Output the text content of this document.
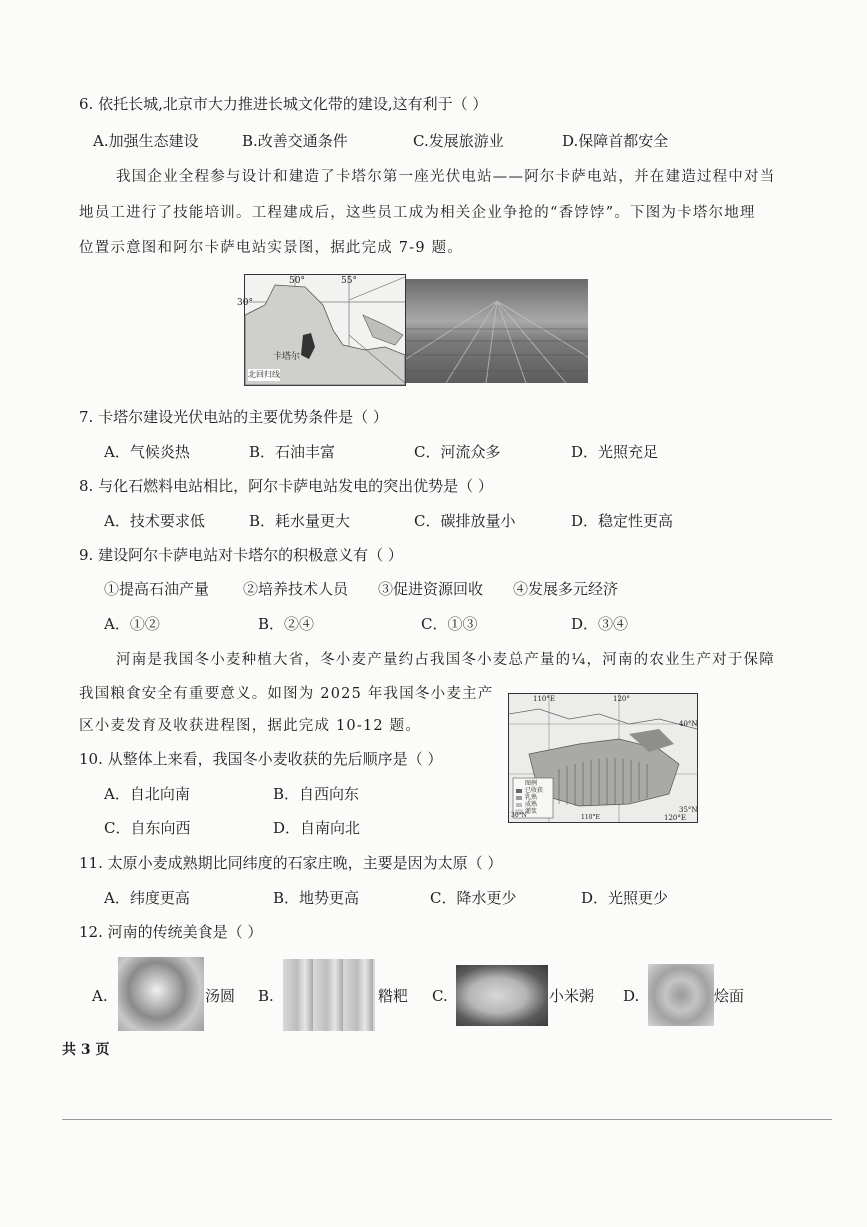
6. 依托长城,北京市大力推进长城文化带的建设,这有利于（ ）
A.加强生态建设	B.改善交通条件	C.发展旅游业	D.保障首都安全
我国企业全程参与设计和建造了卡塔尔第一座光伏电站——阿尔卡萨电站，并在建造过程中对当
地员工进行了技能培训。工程建成后，这些员工成为相关企业争抢的“香饽饽”。下图为卡塔尔地理
位置示意图和阿尔卡萨电站实景图，据此完成 7-9 题。
50°	55°
30°
卡塔尔
北回归线
7. 卡塔尔建设光伏电站的主要优势条件是（ ）
A．气候炎热	B．石油丰富	C．河流众多	D．光照充足
8. 与化石燃料电站相比，阿尔卡萨电站发电的突出优势是（ ）
A．技术要求低	B．耗水量更大	C．碳排放量小	D．稳定性更高
9. 建设阿尔卡萨电站对卡塔尔的积极意义有（ ）
①提高石油产量 ②培养技术人员 ③促进资源回收 ④发展多元经济
A．①②	B．②④	C．①③	D．③④
河南是我国冬小麦种植大省，冬小麦产量约占我国冬小麦总产量的¼，河南的农业生产对于保障
我国粮食安全有重要意义。如图为 2025 年我国冬小麦主产
区小麦发育及收获进程图，据此完成 10-12 题。
110°E	120°
40°N
35°N
30°N	110°E	120°E
图例
已收获
乳熟
成熟
灌浆
10. 从整体上来看，我国冬小麦收获的先后顺序是（ ）
A．自北向南	B．自西向东
C．自东向西	D．自南向北
11. 太原小麦成熟期比同纬度的石家庄晚，主要是因为太原（ ）
A．纬度更高	B．地势更高	C．降水更少	D．光照更少
12. 河南的传统美食是（ ）
A.	汤圆 B.	糌粑 C.	小米粥 D.	烩面
共 3 页
